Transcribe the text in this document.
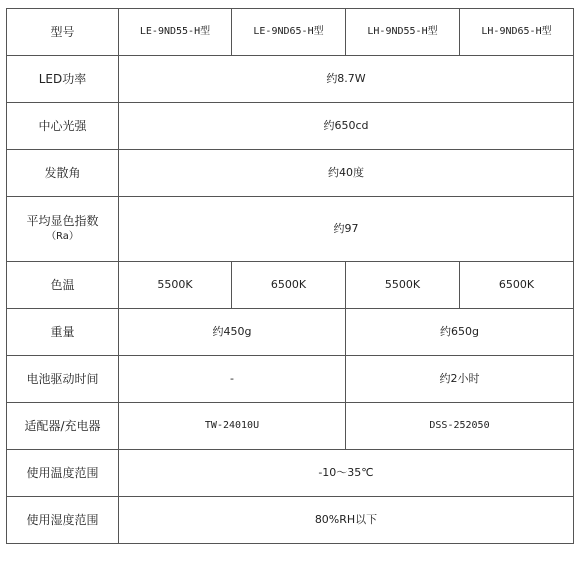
型号	LE-9ND55-H型	LE-9ND65-H型	LH-9ND55-H型	LH-9ND65-H型
LED功率	约8.7W			
中心光强	约650cd			
发散角	约40度			
平均显色指数
（Ra）	约97			
色温	5500K	6500K	5500K	6500K
重量	约450g		约650g	
电池驱动时间	-		约2小时	
适配器/充电器	TW-24010U		DSS-252050	
使用温度范围	-10～35℃			
使用湿度范围	80%RH以下			
